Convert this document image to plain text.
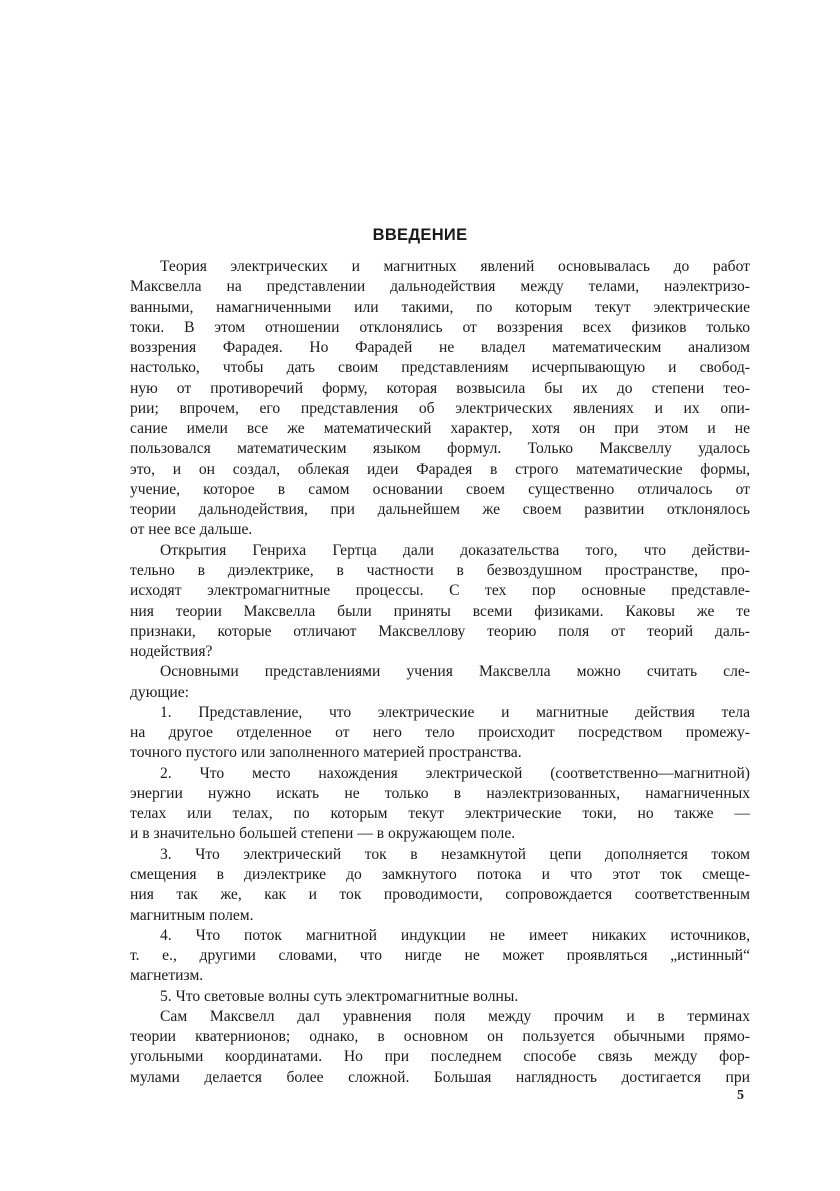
ВВЕДЕНИЕ
Теория электрических и магнитных явлений основывалась до работ
Максвелла на представлении дальнодействия между телами, наэлектризо-
ванными, намагниченными или такими, по которым текут электрические
токи. В этом отношении отклонялись от воззрения всех физиков только
воззрения Фарадея. Но Фарадей не владел математическим анализом
настолько, чтобы дать своим представлениям исчерпывающую и свобод-
ную от противоречий форму, которая возвысила бы их до степени тео-
рии; впрочем, его представления об электрических явлениях и их опи-
сание имели все же математический характер, хотя он при этом и не
пользовался математическим языком формул. Только Максвеллу удалось
это, и он создал, облекая идеи Фарадея в строго математические формы,
учение, которое в самом основании своем существенно отличалось от
теории дальнодействия, при дальнейшем же своем развитии отклонялось
от нее все дальше.
Открытия Генриха Гертца дали доказательства того, что действи-
тельно в диэлектрике, в частности в безвоздушном пространстве, про-
исходят электромагнитные процессы. С тех пор основные представле-
ния теории Максвелла были приняты всеми физиками. Каковы же те
признаки, которые отличают Максвеллову теорию поля от теорий даль-
нодействия?
Основными представлениями учения Максвелла можно считать сле-
дующие:
1. Представление, что электрические и магнитные действия тела
на другое отделенное от него тело происходит посредством промежу-
точного пустого или заполненного материей пространства.
2. Что место нахождения электрической (соответственно—магнитной)
энергии нужно искать не только в наэлектризованных, намагниченных
телах или телах, по которым текут электрические токи, но также —
и в значительно большей степени — в окружающем поле.
3. Что электрический ток в незамкнутой цепи дополняется током
смещения в диэлектрике до замкнутого потока и что этот ток смеще-
ния так же, как и ток проводимости, сопровождается соответственным
магнитным полем.
4. Что поток магнитной индукции не имеет никаких источников,
т. е., другими словами, что нигде не может проявляться „истинный“
магнетизм.
5. Что световые волны суть электромагнитные волны.
Сам Максвелл дал уравнения поля между прочим и в терминах
теории кватернионов; однако, в основном он пользуется обычными прямо-
угольными координатами. Но при последнем способе связь между фор-
мулами делается более сложной. Большая наглядность достигается при
5
